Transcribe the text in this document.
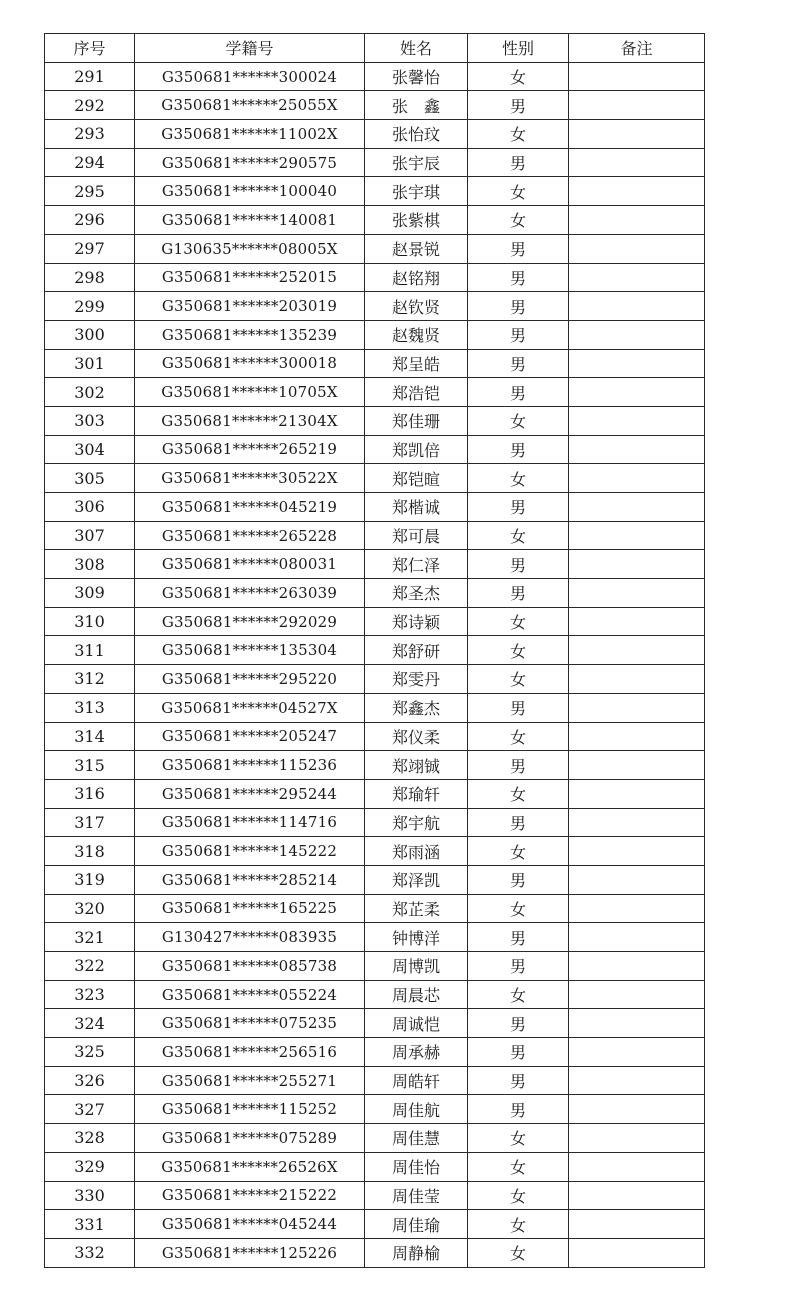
序号	学籍号	姓名	性别	备注
291	G350681******300024	张馨怡	女	
292	G350681******25055X	张　鑫	男	
293	G350681******11002X	张怡玟	女	
294	G350681******290575	张宇辰	男	
295	G350681******100040	张宇琪	女	
296	G350681******140081	张紫棋	女	
297	G130635******08005X	赵景锐	男	
298	G350681******252015	赵铭翔	男	
299	G350681******203019	赵钦贤	男	
300	G350681******135239	赵魏贤	男	
301	G350681******300018	郑呈皓	男	
302	G350681******10705X	郑浩铠	男	
303	G350681******21304X	郑佳珊	女	
304	G350681******265219	郑凯倍	男	
305	G350681******30522X	郑铠暄	女	
306	G350681******045219	郑楷诚	男	
307	G350681******265228	郑可晨	女	
308	G350681******080031	郑仁泽	男	
309	G350681******263039	郑圣杰	男	
310	G350681******292029	郑诗颖	女	
311	G350681******135304	郑舒研	女	
312	G350681******295220	郑雯丹	女	
313	G350681******04527X	郑鑫杰	男	
314	G350681******205247	郑仪柔	女	
315	G350681******115236	郑翊铖	男	
316	G350681******295244	郑瑜轩	女	
317	G350681******114716	郑宇航	男	
318	G350681******145222	郑雨涵	女	
319	G350681******285214	郑泽凯	男	
320	G350681******165225	郑芷柔	女	
321	G130427******083935	钟博洋	男	
322	G350681******085738	周博凯	男	
323	G350681******055224	周晨芯	女	
324	G350681******075235	周诚恺	男	
325	G350681******256516	周承赫	男	
326	G350681******255271	周皓轩	男	
327	G350681******115252	周佳航	男	
328	G350681******075289	周佳慧	女	
329	G350681******26526X	周佳怡	女	
330	G350681******215222	周佳莹	女	
331	G350681******045244	周佳瑜	女	
332	G350681******125226	周静榆	女	
